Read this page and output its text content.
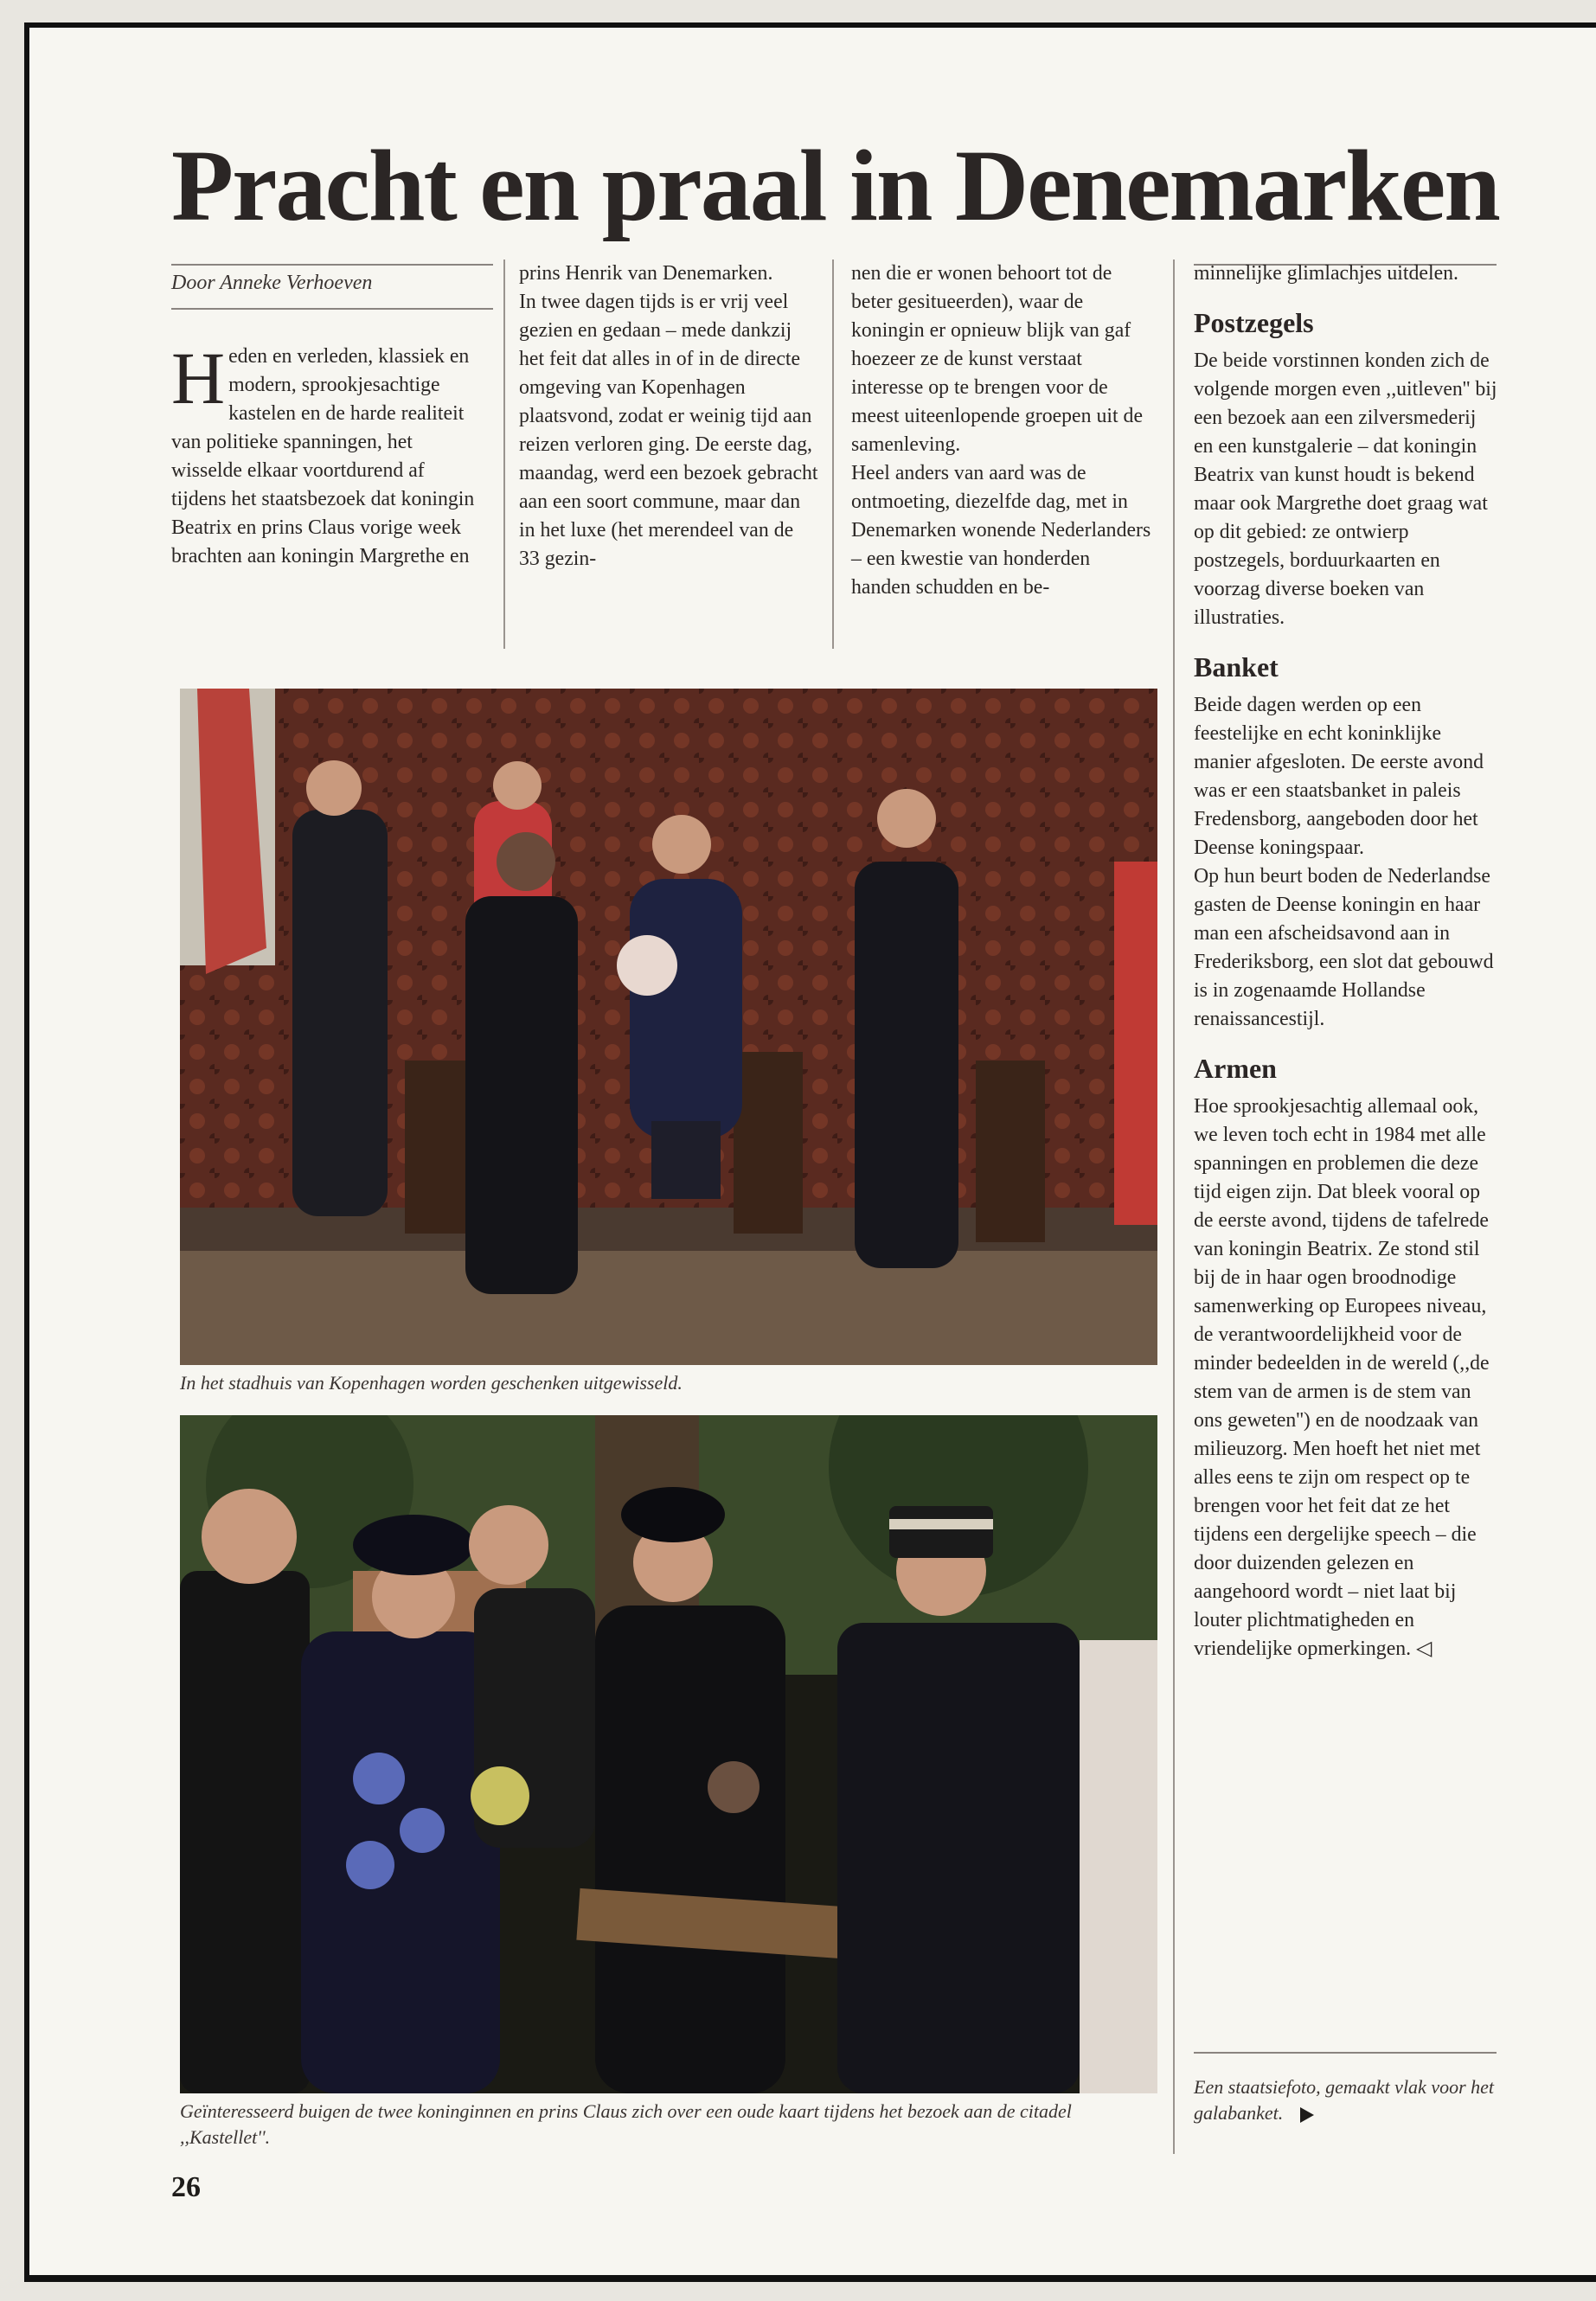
Pracht en praal in Denemarken
Door Anneke Verhoeven

Heden en verleden, klassiek en modern, sprookjesachtige kastelen en de harde realiteit van politieke spanningen, het wisselde elkaar voortdurend af tijdens het staatsbezoek dat koningin Beatrix en prins Claus vorige week brachten aan koningin Margrethe en

prins Henrik van Denemarken.

In twee dagen tijds is er vrij veel gezien en gedaan – mede dankzij het feit dat alles in of in de directe omgeving van Kopenhagen plaatsvond, zodat er weinig tijd aan reizen verloren ging. De eerste dag, maandag, werd een bezoek gebracht aan een soort commune, maar dan in het luxe (het merendeel van de 33 gezin-

nen die er wonen behoort tot de beter gesitueerden), waar de koningin er opnieuw blijk van gaf hoezeer ze de kunst verstaat interesse op te brengen voor de meest uiteenlopende groepen uit de samenleving.

Heel anders van aard was de ontmoeting, diezelfde dag, met in Denemarken wonende Nederlanders – een kwestie van honderden handen schudden en be-

minnelijke glimlachjes uitdelen.

Postzegels

De beide vorstinnen konden zich de volgende morgen even ,,uitleven'' bij een bezoek aan een zilversmederij en een kunstgalerie – dat koningin Beatrix van kunst houdt is bekend maar ook Margrethe doet graag wat op dit gebied: ze ontwierp postzegels, borduurkaarten en voorzag diverse boeken van illustraties.

Banket

Beide dagen werden op een feestelijke en echt koninklijke manier afgesloten. De eerste avond was er een staatsbanket in paleis Fredensborg, aangeboden door het Deense koningspaar.

Op hun beurt boden de Nederlandse gasten de Deense koningin en haar man een afscheidsavond aan in Frederiksborg, een slot dat gebouwd is in zogenaamde Hollandse renaissancestijl.

Armen

Hoe sprookjesachtig allemaal ook, we leven toch echt in 1984 met alle spanningen en problemen die deze tijd eigen zijn. Dat bleek vooral op de eerste avond, tijdens de tafelrede van koningin Beatrix. Ze stond stil bij de in haar ogen broodnodige samenwerking op Europees niveau, de verantwoordelijkheid voor de minder bedeelden in de wereld (,,de stem van de armen is de stem van ons geweten'') en de noodzaak van milieuzorg. Men hoeft het niet met alles eens te zijn om respect op te brengen voor het feit dat ze het tijdens een dergelijke speech – die door duizenden gelezen en aangehoord wordt – niet laat bij louter plichtmatigheden en vriendelijke opmerkingen. ◁

In het stadhuis van Kopenhagen worden geschenken uitgewisseld.
Geïnteresseerd buigen de twee koninginnen en prins Claus zich over een oude kaart tijdens het bezoek aan de citadel ,,Kastellet''.
Een staatsiefoto, gemaakt vlak voor het galabanket.
26
